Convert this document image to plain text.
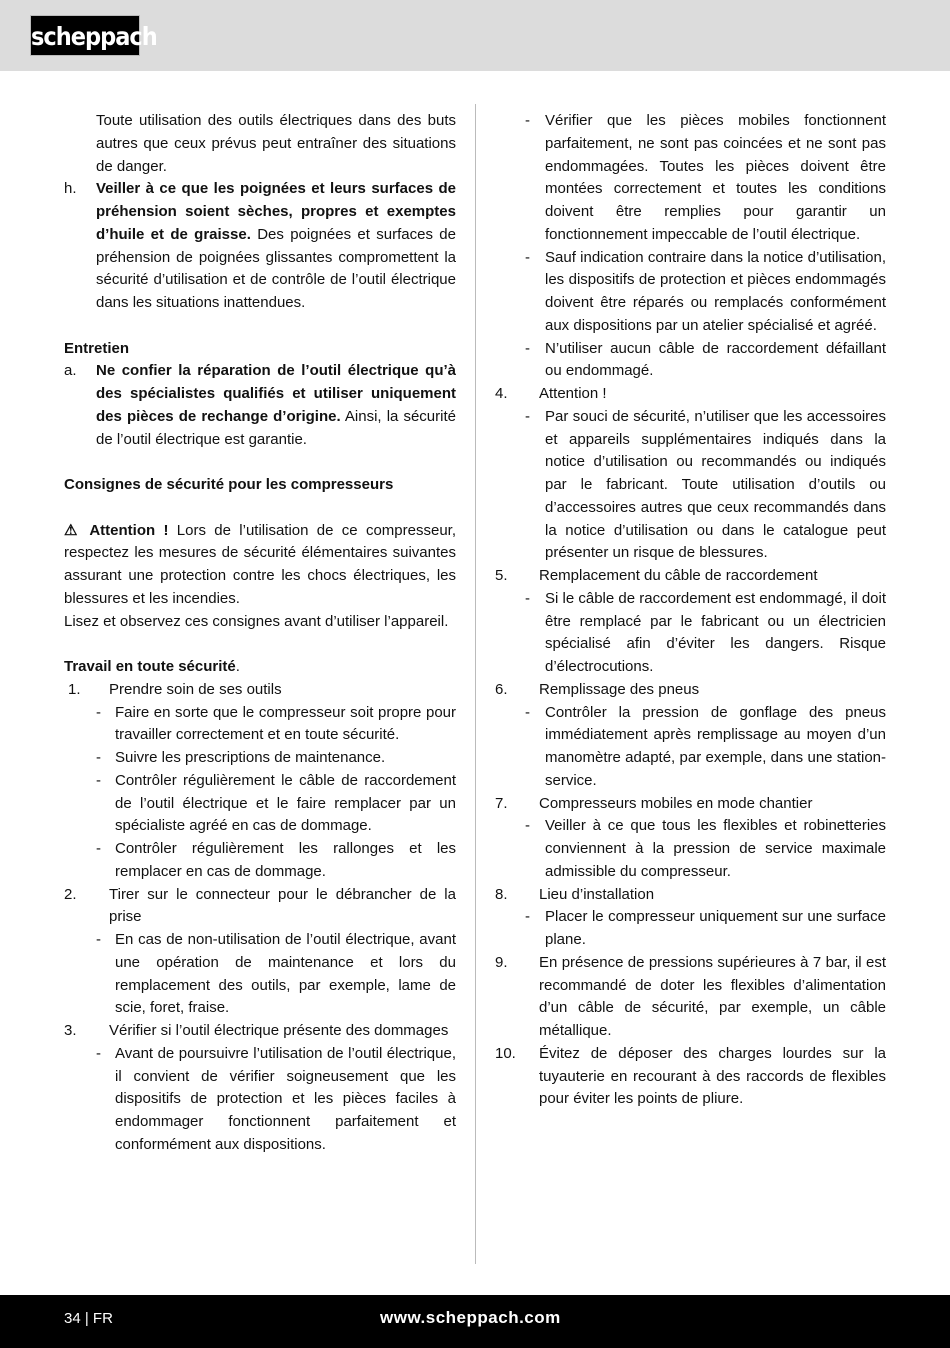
scheppach
Toute utilisation des outils électriques dans des buts autres que ceux prévus peut entraîner des situations de danger.
h. Veiller à ce que les poignées et leurs surfaces de préhension soient sèches, propres et exemptes d’huile et de graisse. Des poignées et surfaces de préhension de poignées glissantes compromettent la sécurité d’utilisation et de contrôle de l’outil électrique dans les situations inattendues.
Entretien
a. Ne confier la réparation de l’outil électrique qu’à des spécialistes qualifiés et utiliser uniquement des pièces de rechange d’origine. Ainsi, la sécurité de l’outil électrique est garantie.
Consignes de sécurité pour les compresseurs
⚠ Attention ! Lors de l’utilisation de ce compresseur, respectez les mesures de sécurité élémentaires suivantes assurant une protection contre les chocs électriques, les blessures et les incendies.
Lisez et observez ces consignes avant d’utiliser l’appareil.
Travail en toute sécurité.
1. Prendre soin de ses outils
- Faire en sorte que le compresseur soit propre pour travailler correctement et en toute sécurité.
- Suivre les prescriptions de maintenance.
- Contrôler régulièrement le câble de raccordement de l’outil électrique et le faire remplacer par un spécialiste agréé en cas de dommage.
- Contrôler régulièrement les rallonges et les remplacer en cas de dommage.
2. Tirer sur le connecteur pour le débrancher de la prise
- En cas de non-utilisation de l’outil électrique, avant une opération de maintenance et lors du remplacement des outils, par exemple, lame de scie, foret, fraise.
3. Vérifier si l’outil électrique présente des dommages
- Avant de poursuivre l’utilisation de l’outil électrique, il convient de vérifier soigneusement que les dispositifs de protection et les pièces faciles à endommager fonctionnent parfaitement et conformément aux dispositions.
- Vérifier que les pièces mobiles fonctionnent parfaitement, ne sont pas coincées et ne sont pas endommagées. Toutes les pièces doivent être montées correctement et toutes les conditions doivent être remplies pour garantir un fonctionnement impeccable de l’outil électrique.
- Sauf indication contraire dans la notice d’utilisation, les dispositifs de protection et pièces endommagés doivent être réparés ou remplacés conformément aux dispositions par un atelier spécialisé et agréé.
- N’utiliser aucun câble de raccordement défaillant ou endommagé.
4. Attention !
- Par souci de sécurité, n’utiliser que les accessoires et appareils supplémentaires indiqués dans la notice d’utilisation ou recommandés ou indiqués par le fabricant. Toute utilisation d’outils ou d’accessoires autres que ceux recommandés dans la notice d’utilisation ou dans le catalogue peut présenter un risque de blessures.
5. Remplacement du câble de raccordement
- Si le câble de raccordement est endommagé, il doit être remplacé par le fabricant ou un électricien spécialisé afin d’éviter les dangers. Risque d’électrocutions.
6. Remplissage des pneus
- Contrôler la pression de gonflage des pneus immédiatement après remplissage au moyen d’un manomètre adapté, par exemple, dans une station-service.
7. Compresseurs mobiles en mode chantier
- Veiller à ce que tous les flexibles et robinetteries conviennent à la pression de service maximale admissible du compresseur.
8. Lieu d’installation
- Placer le compresseur uniquement sur une surface plane.
9. En présence de pressions supérieures à 7 bar, il est recommandé de doter les flexibles d’alimentation d’un câble de sécurité, par exemple, un câble métallique.
10. Évitez de déposer des charges lourdes sur la tuyauterie en recourant à des raccords de flexibles pour éviter les points de pliure.
34 | FR	www.scheppach.com
